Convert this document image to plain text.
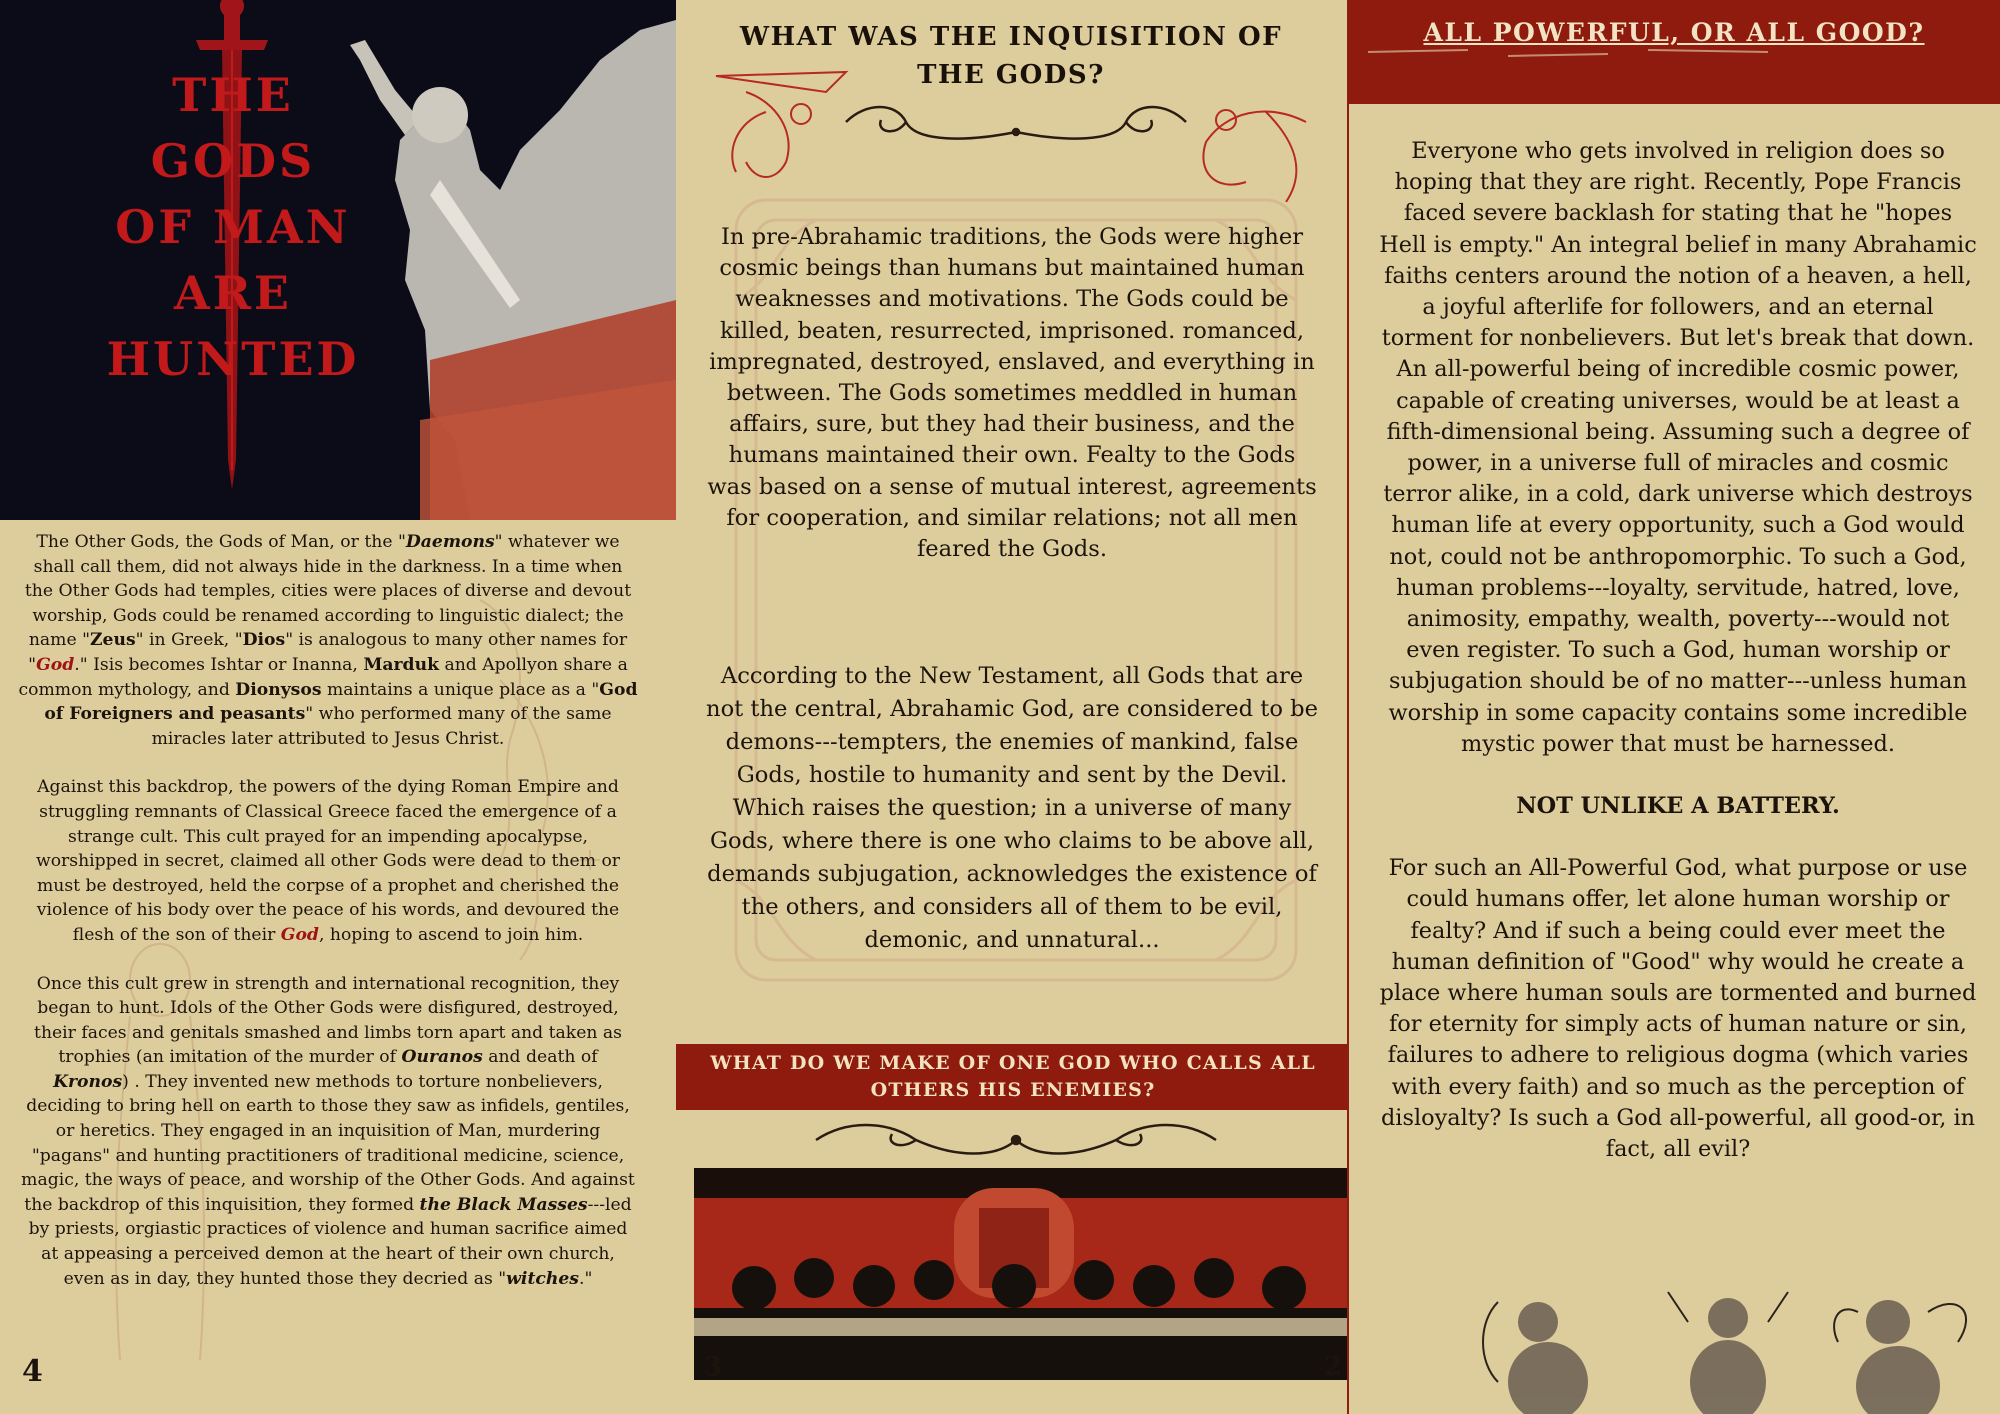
THE
GODS
OF MAN
ARE
HUNTED

The Other Gods, the Gods of Man, or the "Daemons" whatever we shall call them, did not always hide in the darkness. In a time when the Other Gods had temples, cities were places of diverse and devout worship, Gods could be renamed according to linguistic dialect; the name "Zeus" in Greek, "Dios" is analogous to many other names for "God." Isis becomes Ishtar or Inanna, Marduk and Apollyon share a common mythology, and Dionysos maintains a unique place as a "God of Foreigners and peasants" who performed many of the same miracles later attributed to Jesus Christ.

Against this backdrop, the powers of the dying Roman Empire and struggling remnants of Classical Greece faced the emergence of a strange cult. This cult prayed for an impending apocalypse, worshipped in secret, claimed all other Gods were dead to them or must be destroyed, held the corpse of a prophet and cherished the violence of his body over the peace of his words, and devoured the flesh of the son of their God, hoping to ascend to join him.

Once this cult grew in strength and international recognition, they began to hunt. Idols of the Other Gods were disfigured, destroyed, their faces and genitals smashed and limbs torn apart and taken as trophies (an imitation of the murder of Ouranos and death of Kronos) . They invented new methods to torture nonbelievers, deciding to bring hell on earth to those they saw as infidels, gentiles, or heretics. They engaged in an inquisition of Man, murdering "pagans" and hunting practitioners of traditional medicine, science, magic, the ways of peace, and worship of the Other Gods. And against the backdrop of this inquisition, they formed the Black Masses---led by priests, orgiastic practices of violence and human sacrifice aimed at appeasing a perceived demon at the heart of their own church, even as in day, they hunted those they decried as "witches."

4
WHAT WAS THE INQUISITION OF THE GODS?

In pre-Abrahamic traditions, the Gods were higher cosmic beings than humans but maintained human weaknesses and motivations. The Gods could be killed, beaten, resurrected, imprisoned. romanced, impregnated, destroyed, enslaved, and everything in between. The Gods sometimes meddled in human affairs, sure, but they had their business, and the humans maintained their own. Fealty to the Gods was based on a sense of mutual interest, agreements for cooperation, and similar relations; not all men feared the Gods.

According to the New Testament, all Gods that are not the central, Abrahamic God, are considered to be demons---tempters, the enemies of mankind, false Gods, hostile to humanity and sent by the Devil. Which raises the question; in a universe of many Gods, where there is one who claims to be above all, demands subjugation, acknowledges the existence of the others, and considers all of them to be evil, demonic, and unnatural...

WHAT DO WE MAKE OF ONE GOD WHO CALLS ALL OTHERS HIS ENEMIES?

3	2
ALL POWERFUL, OR ALL GOOD?

Everyone who gets involved in religion does so hoping that they are right. Recently, Pope Francis faced severe backlash for stating that he "hopes Hell is empty." An integral belief in many Abrahamic faiths centers around the notion of a heaven, a hell, a joyful afterlife for followers, and an eternal torment for nonbelievers. But let's break that down. An all-powerful being of incredible cosmic power, capable of creating universes, would be at least a fifth-dimensional being. Assuming such a degree of power, in a universe full of miracles and cosmic terror alike, in a cold, dark universe which destroys human life at every opportunity, such a God would not, could not be anthropomorphic. To such a God, human problems---loyalty, servitude, hatred, love, animosity, empathy, wealth, poverty---would not even register. To such a God, human worship or subjugation should be of no matter---unless human worship in some capacity contains some incredible mystic power that must be harnessed.

NOT UNLIKE A BATTERY.

For such an All-Powerful God, what purpose or use could humans offer, let alone human worship or fealty? And if such a being could ever meet the human definition of "Good" why would he create a place where human souls are tormented and burned for eternity for simply acts of human nature or sin, failures to adhere to religious dogma (which varies with every faith) and so much as the perception of disloyalty? Is such a God all-powerful, all good-or, in fact, all evil?
